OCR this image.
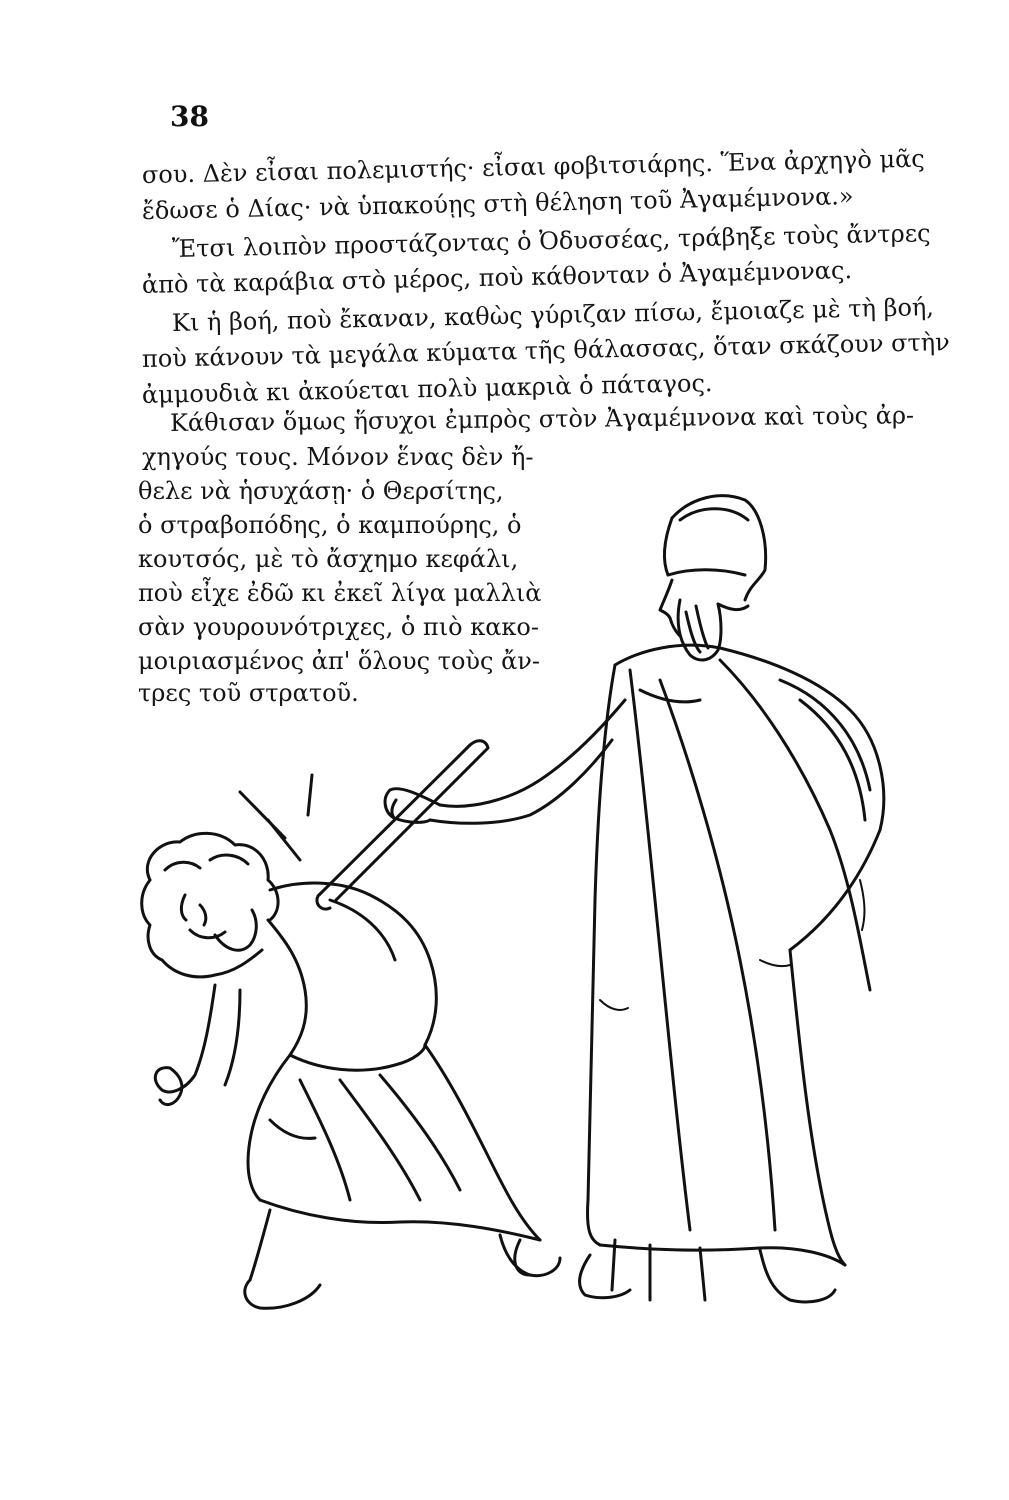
38
σου. Δὲν εἶσαι πολεμιστής· εἶσαι φοβιτσιάρης. Ἕνα ἀρχηγὸ μᾶς
ἔδωσε ὁ Δίας· νὰ ὑπακούῃς στὴ θέληση τοῦ Ἀγαμέμνονα.»
Ἔτσι λοιπὸν προστάζοντας ὁ Ὀδυσσέας, τράβηξε τοὺς ἄντρες
ἀπὸ τὰ καράβια στὸ μέρος, ποὺ κάθονταν ὁ Ἀγαμέμνονας.
Κι ἡ βοή, ποὺ ἔκαναν, καθὼς γύριζαν πίσω, ἔμοιαζε μὲ τὴ βοή,
ποὺ κάνουν τὰ μεγάλα κύματα τῆς θάλασσας, ὅταν σκάζουν στὴν
ἀμμουδιὰ κι ἀκούεται πολὺ μακριὰ ὁ πάταγος.
Κάθισαν ὅμως ἥσυχοι ἐμπρὸς στὸν Ἀγαμέμνονα καὶ τοὺς ἀρ-
χηγούς τους. Μόνον ἕνας δὲν ἤ-
θελε νὰ ἡσυχάσῃ· ὁ Θερσίτης,
ὁ στραβοπόδης, ὁ καμπούρης, ὁ
κουτσός, μὲ τὸ ἄσχημο κεφάλι,
ποὺ εἶχε ἐδῶ κι ἐκεῖ λίγα μαλλιὰ
σὰν γουρουνότριχες, ὁ πιὸ κακο-
μοιριασμένος ἀπ' ὅλους τοὺς ἄν-
τρες τοῦ στρατοῦ.
